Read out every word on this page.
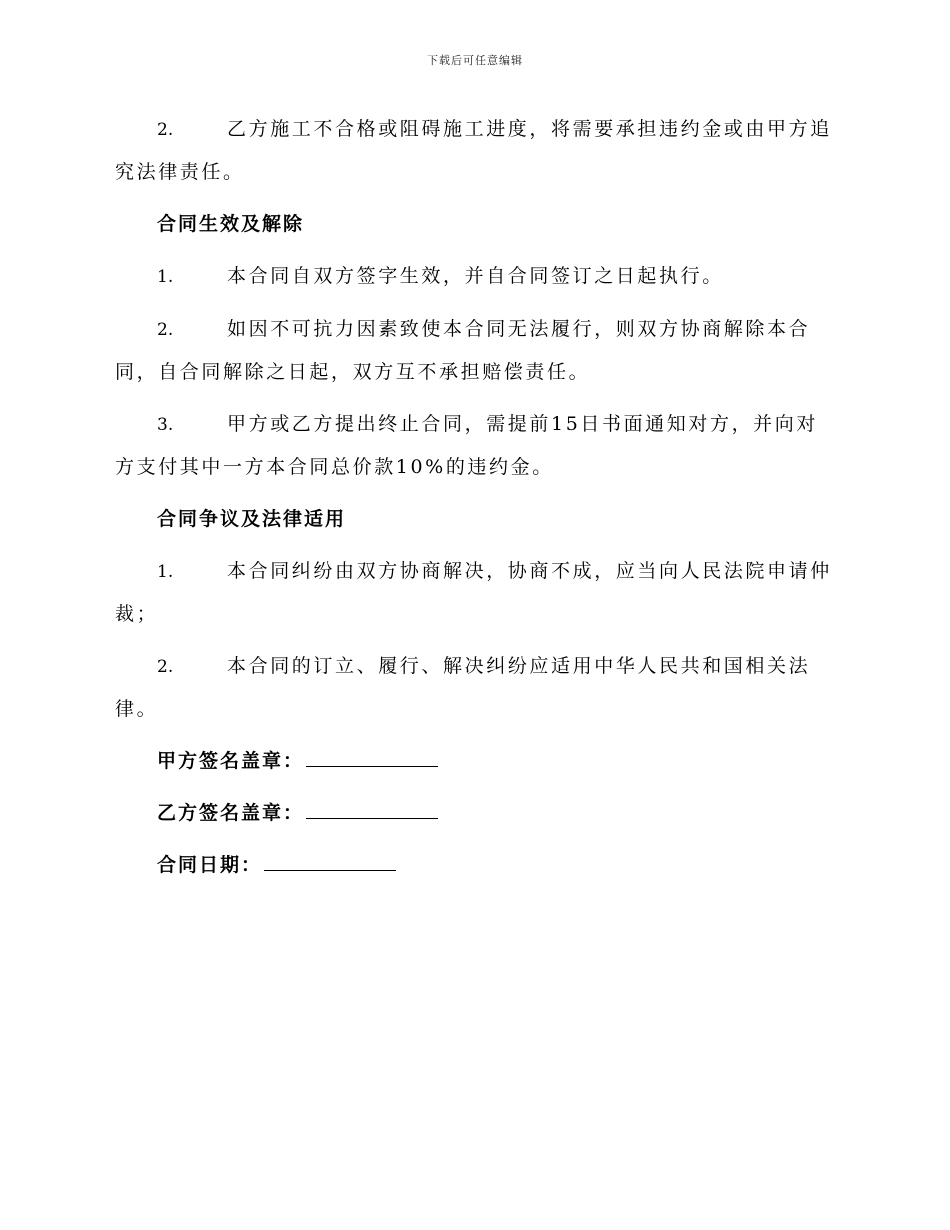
下载后可任意编辑

2.	乙方施工不合格或阻碍施工进度，将需要承担违约金或由甲方追究法律责任。

合同生效及解除

1.	本合同自双方签字生效，并自合同签订之日起执行。

2.	如因不可抗力因素致使本合同无法履行，则双方协商解除本合同，自合同解除之日起，双方互不承担赔偿责任。

3.	甲方或乙方提出终止合同，需提前15日书面通知对方，并向对方支付其中一方本合同总价款10%的违约金。

合同争议及法律适用

1.	本合同纠纷由双方协商解决，协商不成，应当向人民法院申请仲裁；

2.	本合同的订立、履行、解决纠纷应适用中华人民共和国相关法律。

甲方签名盖章：

乙方签名盖章：

合同日期：
